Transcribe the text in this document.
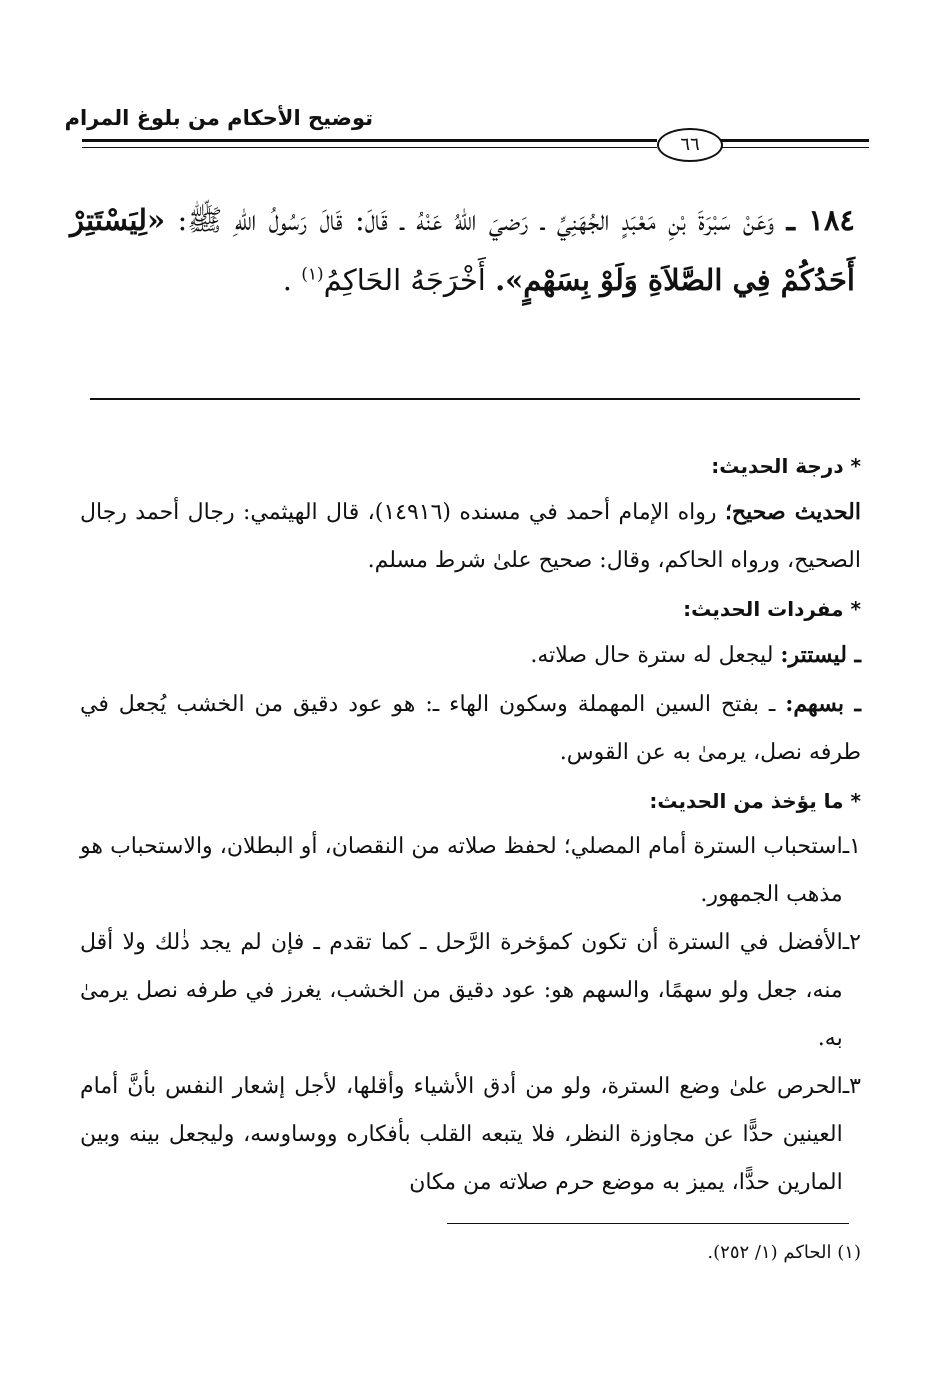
توضيح الأحكام من بلوغ المرام
٦٦
١٨٤ ـ وَعَنْ سَبْرَةَ بْنِ مَعْبَدٍ الجُهَنِيِّ ـ رَضيَ اللهُ عَنْهُ ـ قَالَ: قَالَ رَسُولُ اللهِ ﷺ: «لِيَسْتَتِرْ أَحَدُكُمْ فِي الصَّلاَةِ وَلَوْ بِسَهْمٍ». أَخْرَجَهُ الحَاكِمُ$^{(١)}$ .
* درجة الحديث:

الحديث صحيح؛ رواه الإمام أحمد في مسنده (١٤٩١٦)، قال الهيثمي: رجال أحمد رجال الصحيح، ورواه الحاكم، وقال: صحيح علىٰ شرط مسلم.

* مفردات الحديث:

ـ ليستتر: ليجعل له سترة حال صلاته.

ـ بسهم: ـ بفتح السين المهملة وسكون الهاء ـ: هو عود دقيق من الخشب يُجعل في طرفه نصل، يرمىٰ به عن القوس.

* ما يؤخذ من الحديث:
١ـ
استحباب السترة أمام المصلي؛ لحفظ صلاته من النقصان، أو البطلان، والاستحباب هو مذهب الجمهور.
٢ـ
الأفضل في السترة أن تكون كمؤخرة الرَّحل ـ كما تقدم ـ فإن لم يجد ذٰلك ولا أقل منه، جعل ولو سهمًا، والسهم هو: عود دقيق من الخشب، يغرز في طرفه نصل يرمىٰ به.
٣ـ
الحرص علىٰ وضع السترة، ولو من أدق الأشياء وأقلها، لأجل إشعار النفس بأنَّ أمام العينين حدًّا عن مجاوزة النظر، فلا يتبعه القلب بأفكاره ووساوسه، وليجعل بينه وبين المارين حدًّا، يميز به موضع حرم صلاته من مكان
(١) الحاكم (١/ ٢٥٢).
